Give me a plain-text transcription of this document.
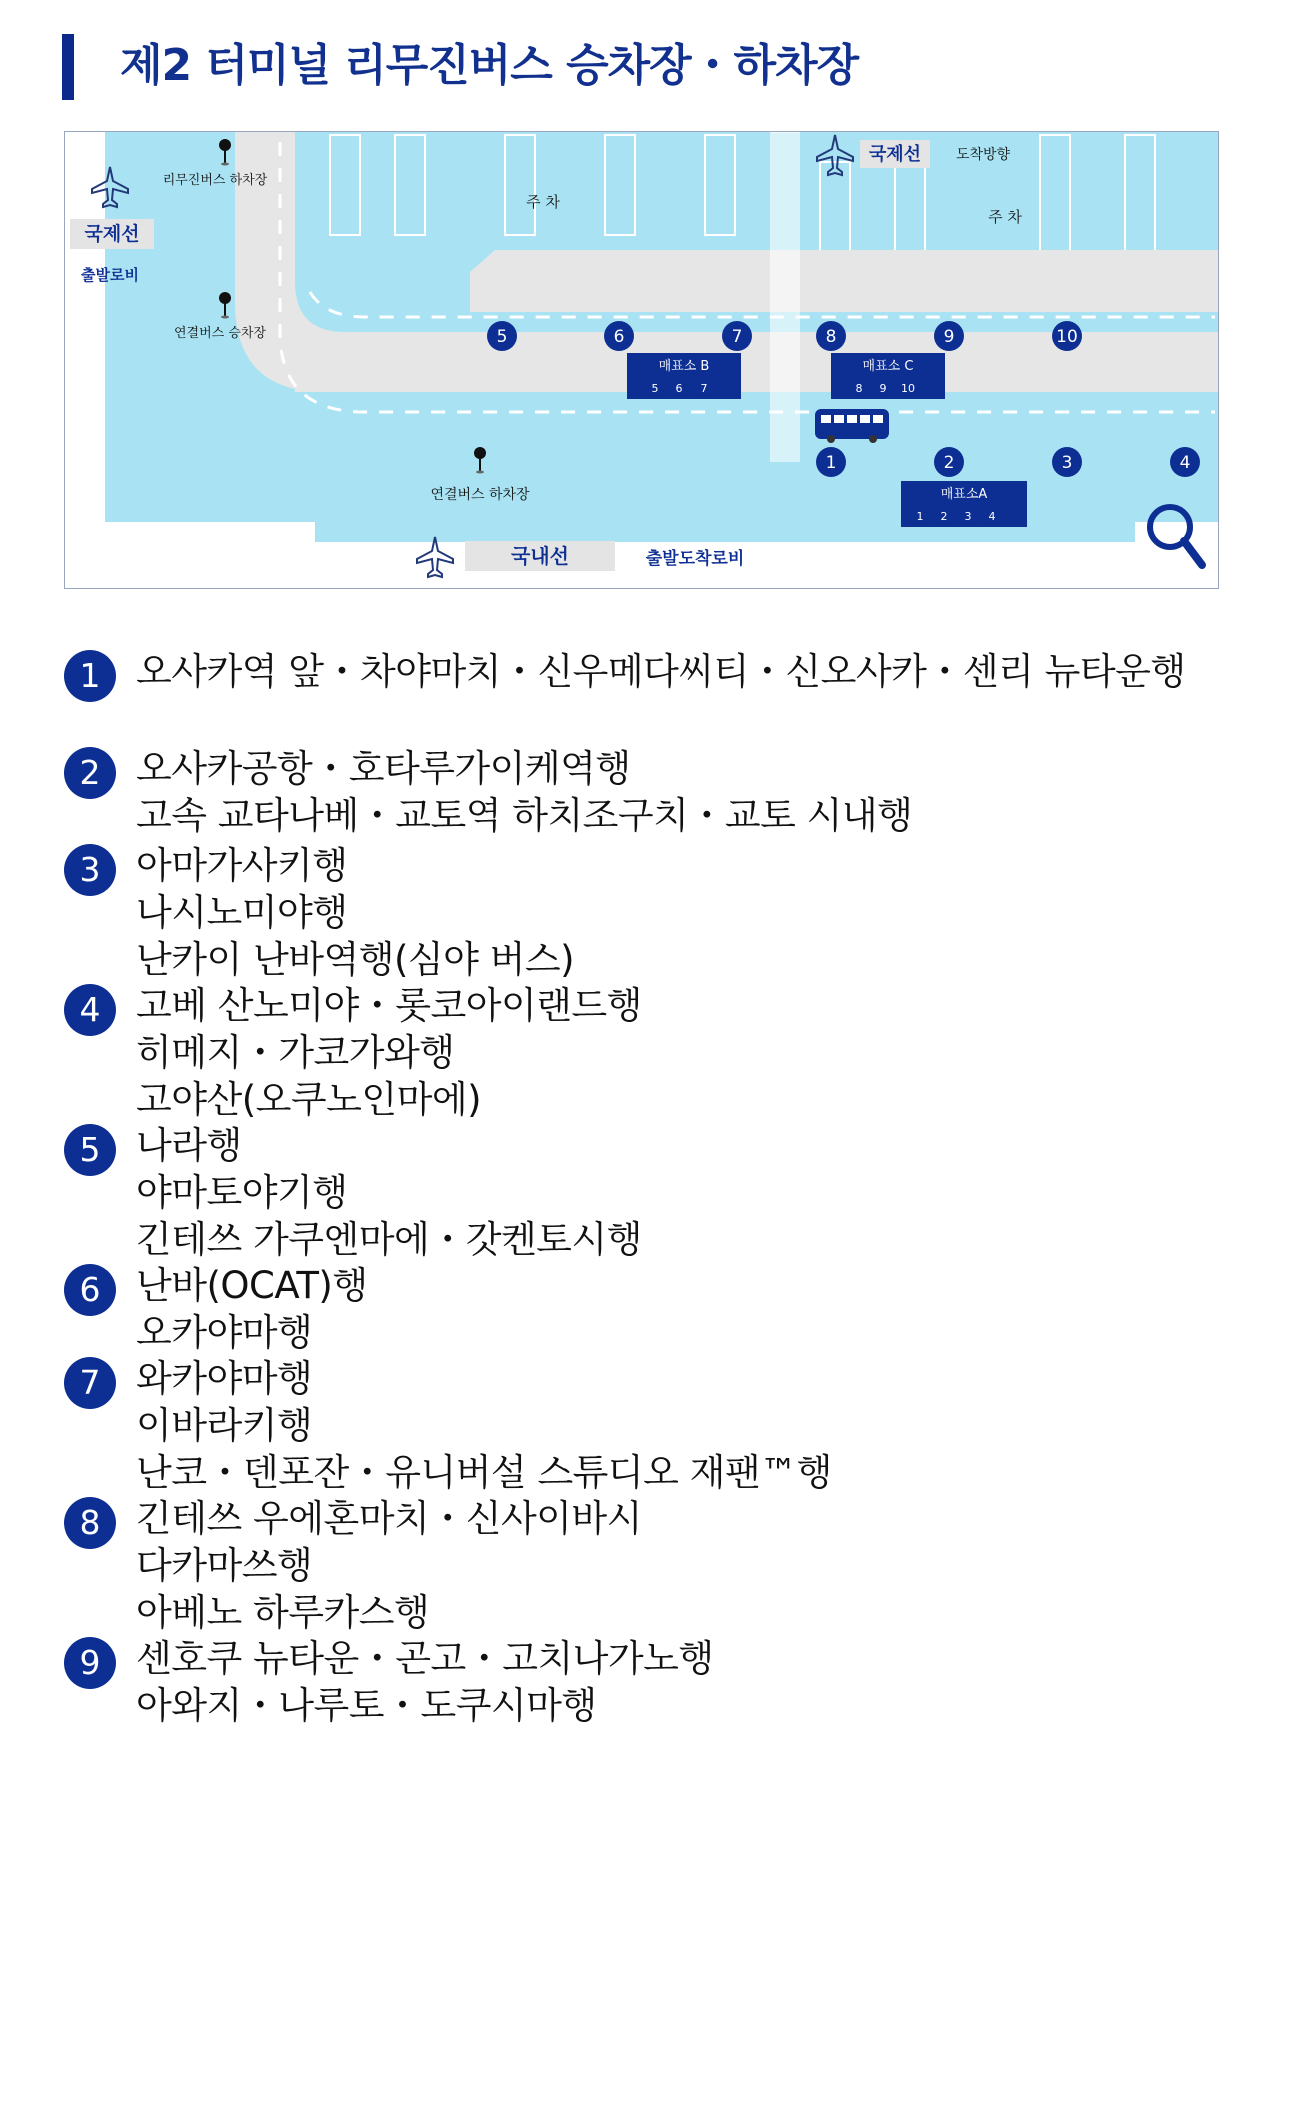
제2 터미널 리무진버스 승차장・하차장
국제선
출발로비
리무진버스 하차장
연결버스 승차장
연결버스 하차장
주 차
국제선 도착방향
주 차
매표소 B	매표소 C
매표소A
5	6	7	8	9	10
1	2	3	4
5 6 7	8 9 10
1 2 3 4
국내선	출발도착로비
1 오사카역 앞・차야마치・신우메다씨티・신오사카・센리 뉴타운행
2 오사카공항・호타루가이케역행
고속 교타나베・교토역 하치조구치・교토 시내행
3 아마가사키행
나시노미야행
난카이 난바역행(심야 버스)
4 고베 산노미야・롯코아이랜드행
히메지・가코가와행
고야산(오쿠노인마에)
5 나라행
야마토야기행
긴테쓰 가쿠엔마에・갓켄토시행
6 난바(OCAT)행
오카야마행
7 와카야마행
이바라키행
난코・덴포잔・유니버설 스튜디오 재팬™행
8 긴테쓰 우에혼마치・신사이바시
다카마쓰행
아베노 하루카스행
9 센호쿠 뉴타운・곤고・고치나가노행
아와지・나루토・도쿠시마행
